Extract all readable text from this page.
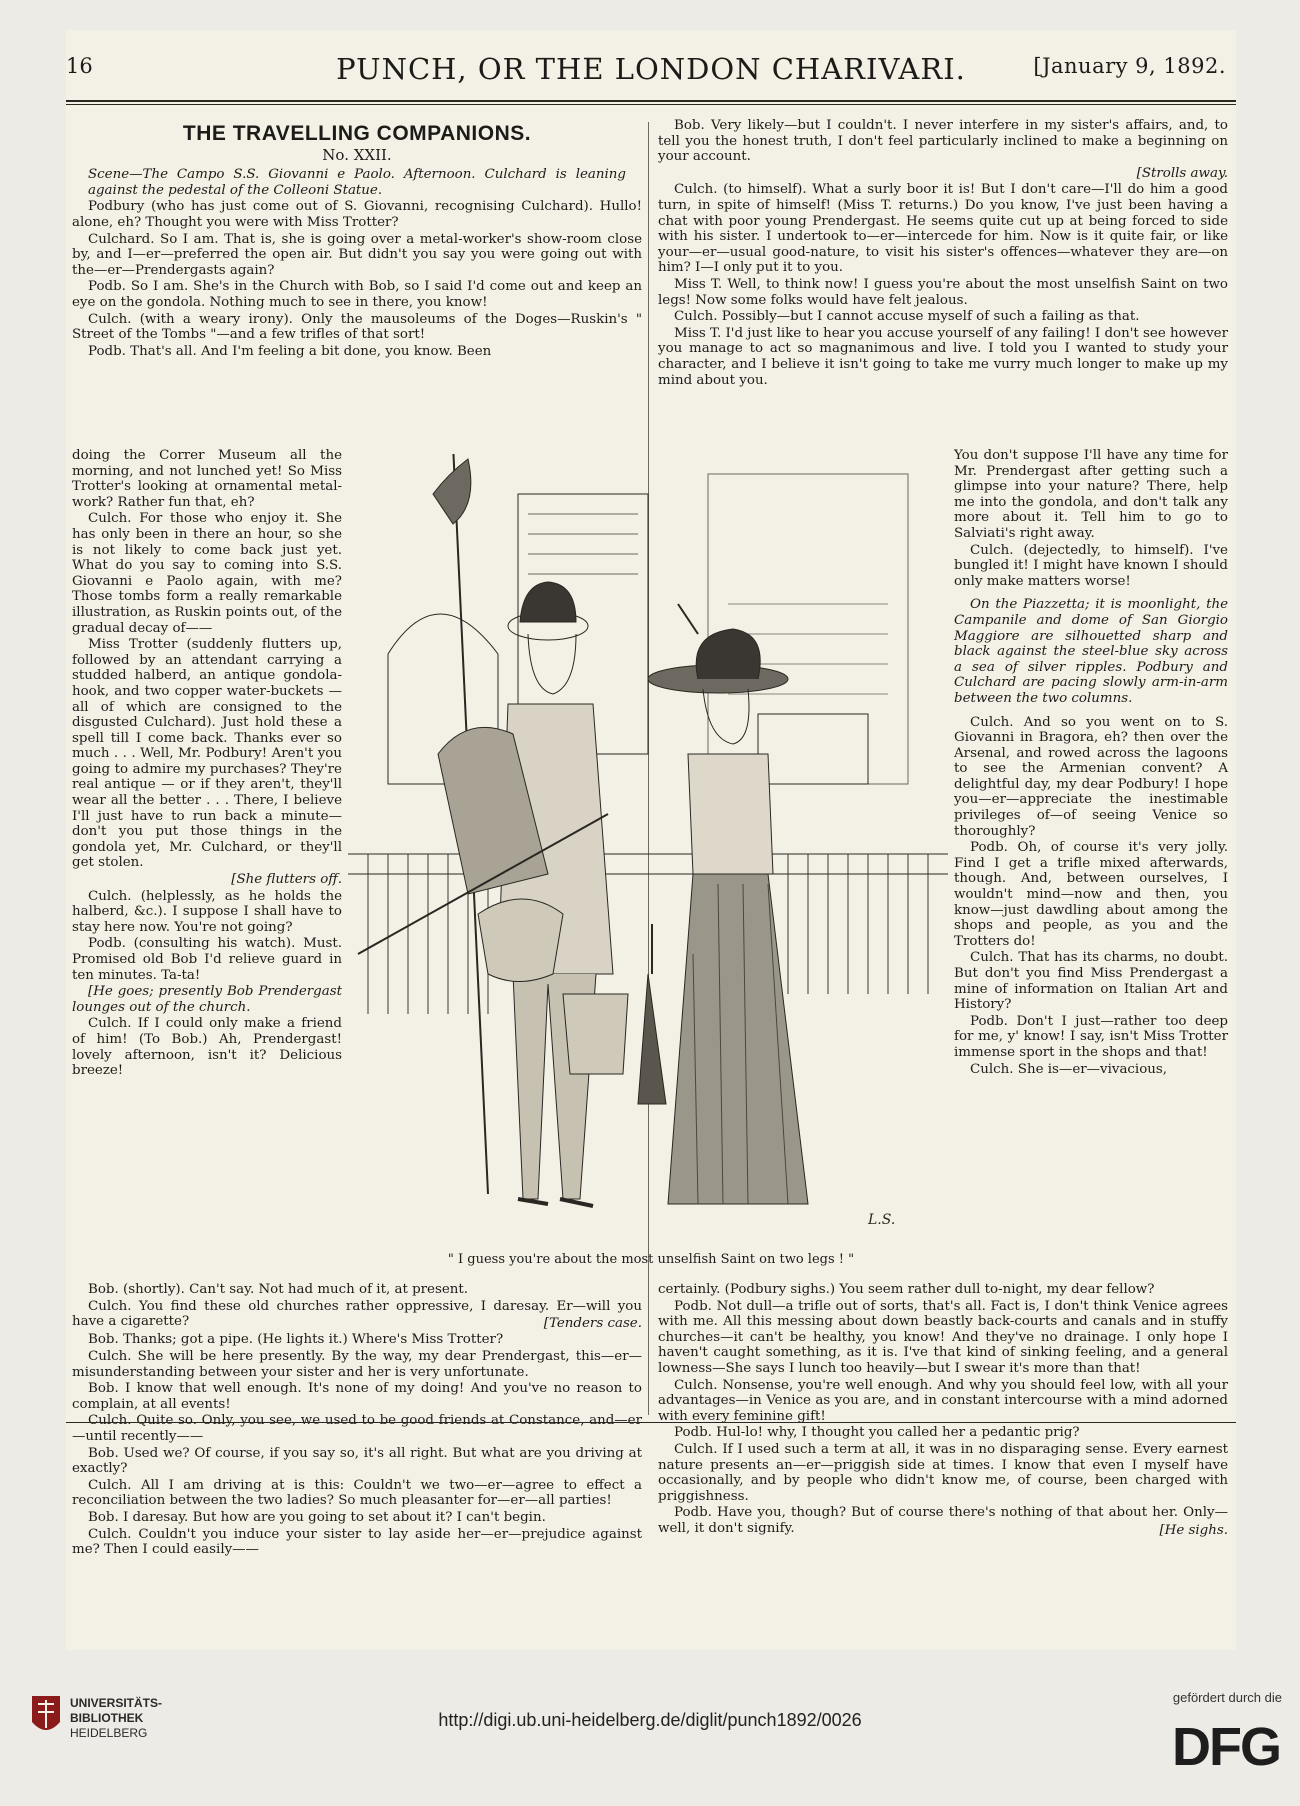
16	PUNCH, OR THE LONDON CHARIVARI.	[January 9, 1892.
THE TRAVELLING COMPANIONS.
No. XXII.

Scene—The Campo S.S. Giovanni e Paolo. Afternoon. Culchard is leaning against the pedestal of the Colleoni Statue.

Podbury (who has just come out of S. Giovanni, recognising Culchard). Hullo! alone, eh? Thought you were with Miss Trotter?

Culchard. So I am. That is, she is going over a metal-worker's show-room close by, and I—er—preferred the open air. But didn't you say you were going out with the—er—Prendergasts again?

Podb. So I am. She's in the Church with Bob, so I said I'd come out and keep an eye on the gondola. Nothing much to see in there, you know!

Culch. (with a weary irony). Only the mausoleums of the Doges—Ruskin's " Street of the Tombs "—and a few trifles of that sort!

Podb. That's all. And I'm feeling a bit done, you know. Been

doing the Correr Museum all the morning, and not lunched yet! So Miss Trotter's looking at ornamental metal-work? Rather fun that, eh?

Culch. For those who enjoy it. She has only been in there an hour, so she is not likely to come back just yet. What do you say to coming into S.S. Giovanni e Paolo again, with me? Those tombs form a really remarkable illustration, as Ruskin points out, of the gradual decay of——

Miss Trotter (suddenly flutters up, followed by an attendant carrying a studded halberd, an antique gondola-hook, and two copper water-buckets — all of which are consigned to the disgusted Culchard). Just hold these a spell till I come back. Thanks ever so much . . . Well, Mr. Podbury! Aren't you going to admire my purchases? They're real antique — or if they aren't, they'll wear all the better . . . There, I believe I'll just have to run back a minute—don't you put those things in the gondola yet, Mr. Culchard, or they'll get stolen.

[She flutters off.

Culch. (helplessly, as he holds the halberd, &c.). I suppose I shall have to stay here now. You're not going?

Podb. (consulting his watch). Must. Promised old Bob I'd relieve guard in ten minutes. Ta-ta!

[He goes; presently Bob Prendergast lounges out of the church.

Culch. If I could only make a friend of him! (To Bob.) Ah, Prendergast! lovely afternoon, isn't it? Delicious breeze!

Bob. Very likely—but I couldn't. I never interfere in my sister's affairs, and, to tell you the honest truth, I don't feel particularly inclined to make a beginning on your account.

[Strolls away.

Culch. (to himself). What a surly boor it is! But I don't care—I'll do him a good turn, in spite of himself! (Miss T. returns.) Do you know, I've just been having a chat with poor young Prendergast. He seems quite cut up at being forced to side with his sister. I undertook to—er—intercede for him. Now is it quite fair, or like your—er—usual good-nature, to visit his sister's offences—whatever they are—on him? I—I only put it to you.

Miss T. Well, to think now! I guess you're about the most unselfish Saint on two legs! Now some folks would have felt jealous.

Culch. Possibly—but I cannot accuse myself of such a failing as that.

Miss T. I'd just like to hear you accuse yourself of any failing! I don't see however you manage to act so magnanimous and live. I told you I wanted to study your character, and I believe it isn't going to take me vurry much longer to make up my mind about you.

You don't suppose I'll have any time for Mr. Prendergast after getting such a glimpse into your nature? There, help me into the gondola, and don't talk any more about it. Tell him to go to Salviati's right away.

Culch. (dejectedly, to himself). I've bungled it! I might have known I should only make matters worse!

On the Piazzetta; it is moonlight, the Campanile and dome of San Giorgio Maggiore are silhouetted sharp and black against the steel-blue sky across a sea of silver ripples. Podbury and Culchard are pacing slowly arm-in-arm between the two columns.

Culch. And so you went on to S. Giovanni in Bragora, eh? then over the Arsenal, and rowed across the lagoons to see the Armenian convent? A delightful day, my dear Podbury! I hope you—er—appreciate the inestimable privileges of—of seeing Venice so thoroughly?

Podb. Oh, of course it's very jolly. Find I get a trifle mixed afterwards, though. And, between ourselves, I wouldn't mind—now and then, you know—just dawdling about among the shops and people, as you and the Trotters do!

Culch. That has its charms, no doubt. But don't you find Miss Prendergast a mine of information on Italian Art and History?

Podb. Don't I just—rather too deep for me, y' know! I say, isn't Miss Trotter immense sport in the shops and that!

Culch. She is—er—vivacious,

L.S.
" I guess you're about the most unselfish Saint on two legs ! "

Bob. (shortly). Can't say. Not had much of it, at present.

Culch. You find these old churches rather oppressive, I daresay. Er—will you have a cigarette?	[Tenders case.

Bob. Thanks; got a pipe. (He lights it.) Where's Miss Trotter?

Culch. She will be here presently. By the way, my dear Prendergast, this—er—misunderstanding between your sister and her is very unfortunate.

Bob. I know that well enough. It's none of my doing! And you've no reason to complain, at all events!

Culch. Quite so. Only, you see, we used to be good friends at Constance, and—er—until recently——

Bob. Used we? Of course, if you say so, it's all right. But what are you driving at exactly?

Culch. All I am driving at is this: Couldn't we two—er—agree to effect a reconciliation between the two ladies? So much pleasanter for—er—all parties!

Bob. I daresay. But how are you going to set about it? I can't begin.

Culch. Couldn't you induce your sister to lay aside her—er—prejudice against me? Then I could easily——

certainly. (Podbury sighs.) You seem rather dull to-night, my dear fellow?

Podb. Not dull—a trifle out of sorts, that's all. Fact is, I don't think Venice agrees with me. All this messing about down beastly back-courts and canals and in stuffy churches—it can't be healthy, you know! And they've no drainage. I only hope I haven't caught something, as it is. I've that kind of sinking feeling, and a general lowness—She says I lunch too heavily—but I swear it's more than that!

Culch. Nonsense, you're well enough. And why you should feel low, with all your advantages—in Venice as you are, and in constant intercourse with a mind adorned with every feminine gift!

Podb. Hul-lo! why, I thought you called her a pedantic prig?

Culch. If I used such a term at all, it was in no disparaging sense. Every earnest nature presents an—er—priggish side at times. I know that even I myself have occasionally, and by people who didn't know me, of course, been charged with priggishness.

Podb. Have you, though? But of course there's nothing of that about her. Only—well, it don't signify.	[He sighs.

UNIVERSITÄTS-
BIBLIOTHEK
HEIDELBERG
http://digi.ub.uni-heidelberg.de/diglit/punch1892/0026
gefördert durch die
DFG
